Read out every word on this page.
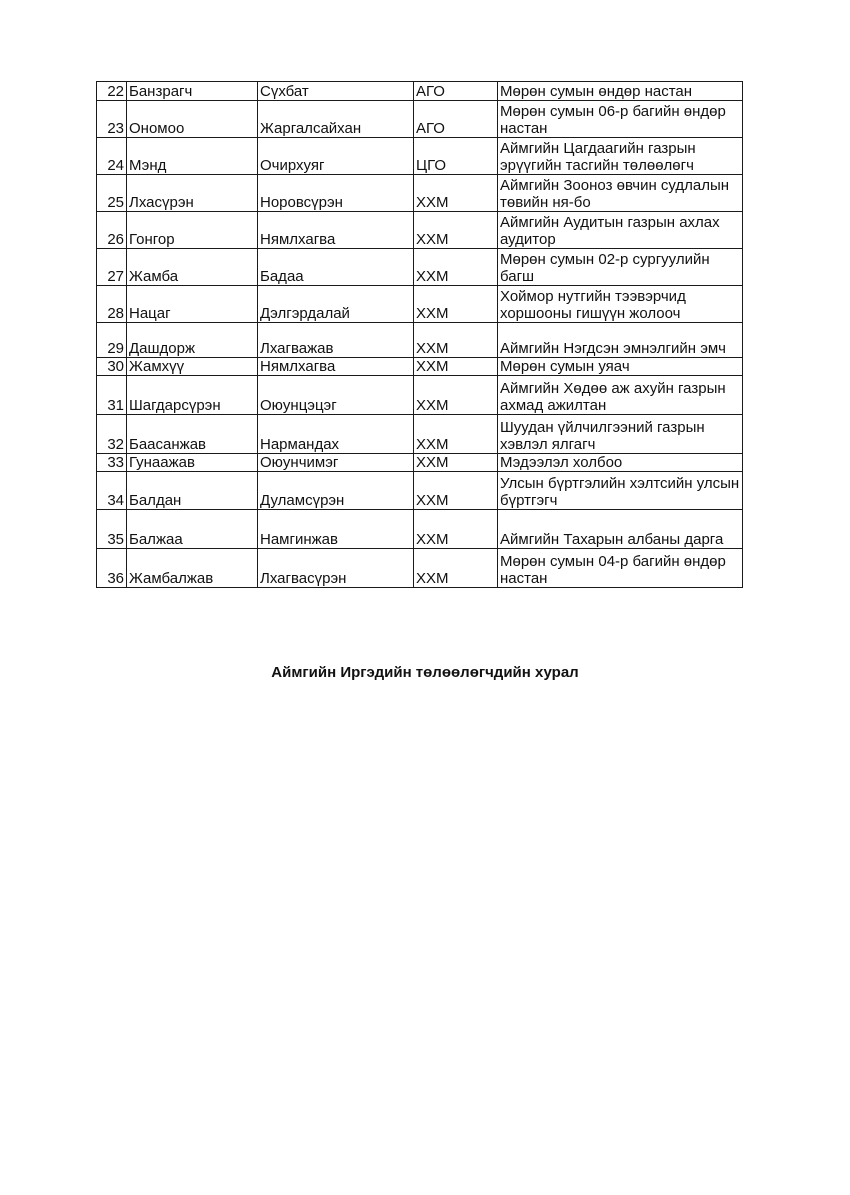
22	Банзрагч	Сүхбат	АГО	Мөрөн сумын өндөр настан
23	Ономоо	Жаргалсайхан	АГО	Мөрөн сумын 06-р багийн өндөр настан
24	Мэнд	Очирхуяг	ЦГО	Аймгийн Цагдаагийн газрын эрүүгийн тасгийн төлөөлөгч
25	Лхасүрэн	Норовсүрэн	ХХМ	Аймгийн Зооноз өвчин судлалын төвийн ня-бо
26	Гонгор	Нямлхагва	ХХМ	Аймгийн Аудитын газрын ахлах аудитор
27	Жамба	Бадаа	ХХМ	Мөрөн сумын 02-р сургуулийн багш
28	Нацаг	Дэлгэрдалай	ХХМ	Хоймор нутгийн тээвэрчид хоршооны гишүүн жолооч
29	Дашдорж	Лхагважав	ХХМ	Аймгийн Нэгдсэн эмнэлгийн эмч
30	Жамхүү	Нямлхагва	ХХМ	Мөрөн сумын уяач
31	Шагдарсүрэн	Оюунцэцэг	ХХМ	Аймгийн Хөдөө аж ахуйн газрын ахмад ажилтан
32	Баасанжав	Нармандах	ХХМ	Шуудан үйлчилгээний газрын хэвлэл ялгагч
33	Гунаажав	Оюунчимэг	ХХМ	Мэдээлэл холбоо
34	Балдан	Дуламсүрэн	ХХМ	Улсын бүртгэлийн хэлтсийн улсын бүртгэгч
35	Балжаа	Намгинжав	ХХМ	Аймгийн Тахарын албаны дарга
36	Жамбалжав	Лхагвасүрэн	ХХМ	Мөрөн сумын 04-р багийн өндөр настан
Аймгийн Иргэдийн төлөөлөгчдийн хурал
